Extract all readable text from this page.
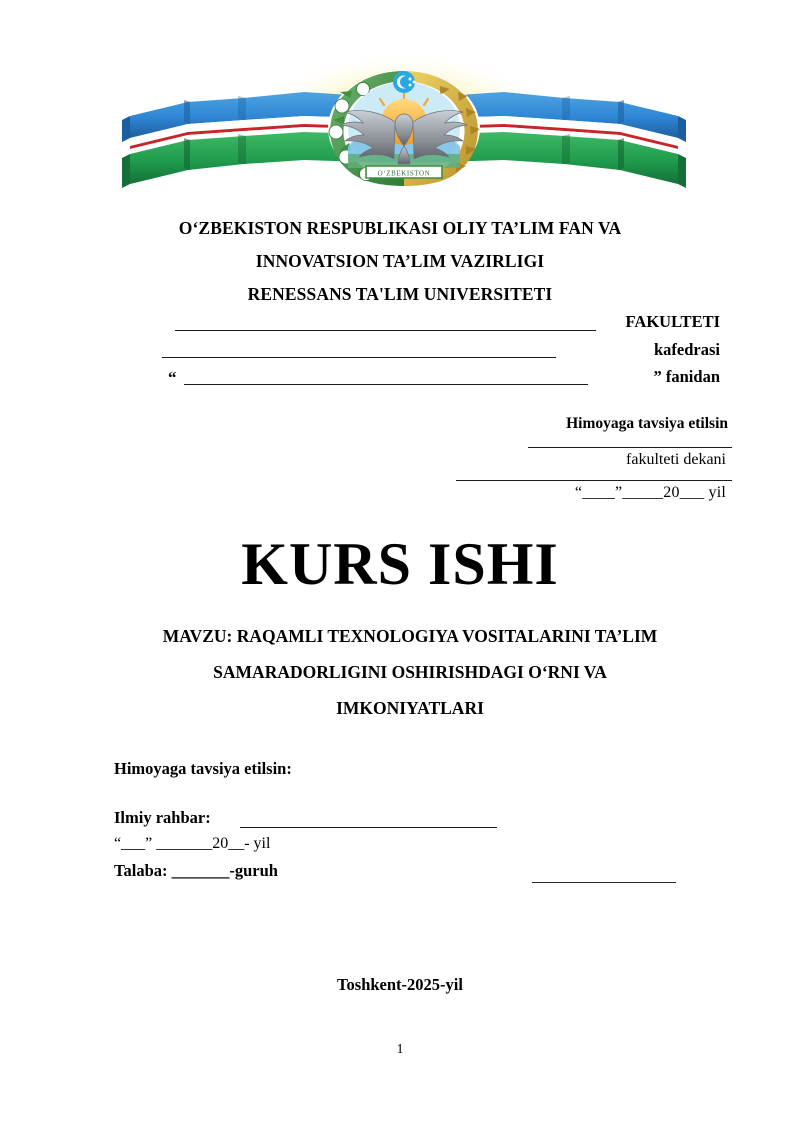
O‘ZBEKISTON
O‘ZBEKISTON RESPUBLIKASI OLIY TA’LIM FAN VA
INNOVATSION TA’LIM VAZIRLIGI
RENESSANS TA'LIM UNIVERSITETI
FAKULTETI
kafedrasi
“	” fanidan
Himoyaga tavsiya etilsin
fakulteti dekani
“____”_____20___ yil
KURS ISHI
MAVZU: RAQAMLI TEXNOLOGIYA VOSITALARINI TA’LIM
SAMARADORLIGINI OSHIRISHDAGI O‘RNI VA
IMKONIYATLARI
Himoyaga tavsiya etilsin:
Ilmiy rahbar:
“___” _______20__- yil
Talaba: _______-guruh
Toshkent-2025-yil
1
